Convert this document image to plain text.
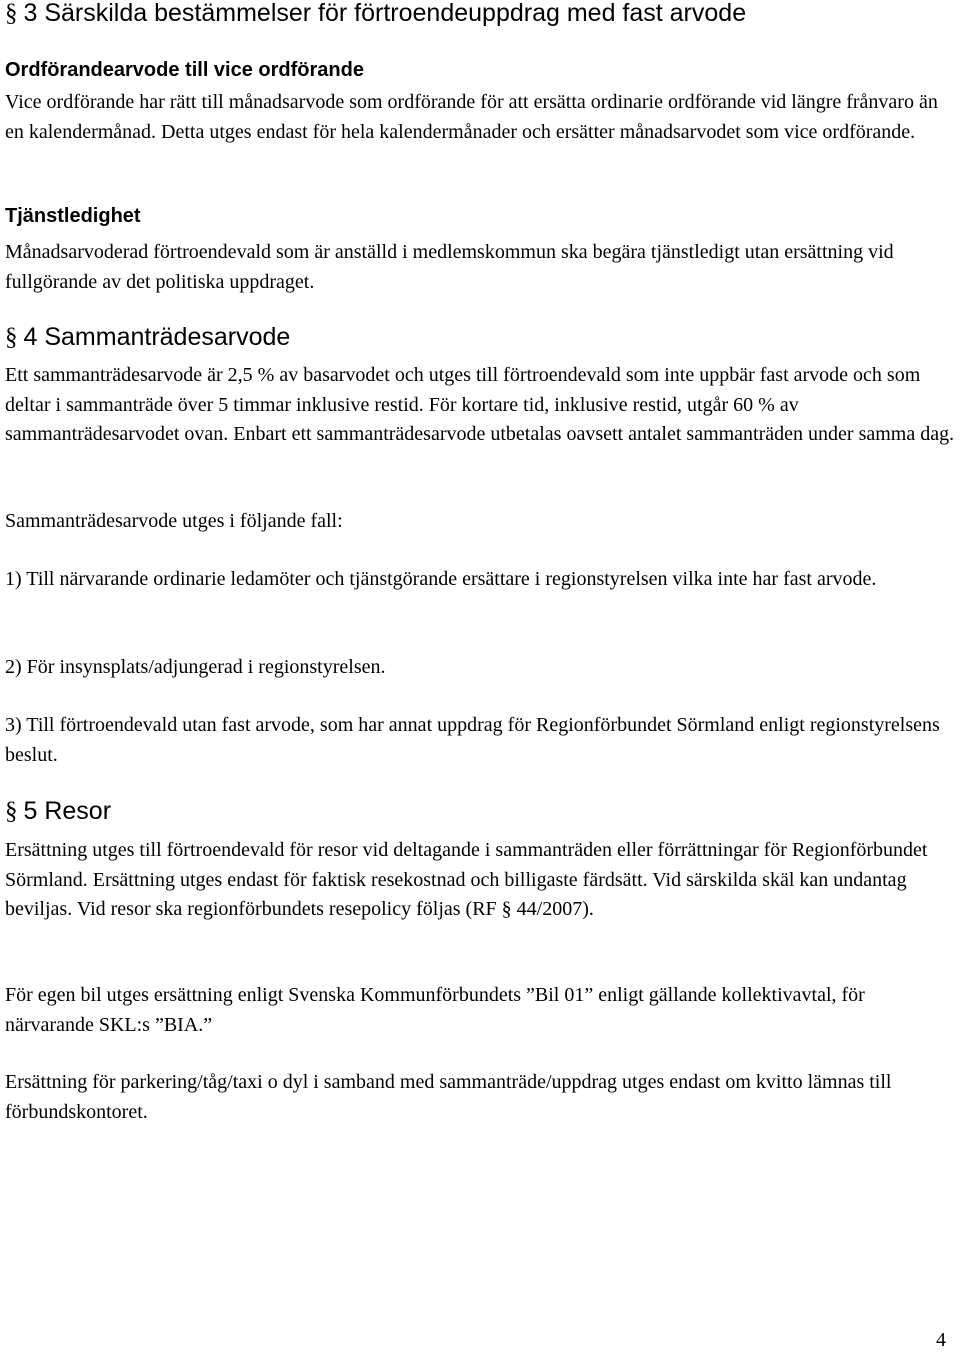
§ 3 Särskilda bestämmelser för förtroendeuppdrag med fast arvode
Ordförandearvode till vice ordförande

Vice ordförande har rätt till månadsarvode som ordförande för att ersätta ordinarie ordförande vid längre frånvaro än en kalendermånad. Detta utges endast för hela kalendermånader och ersätter månadsarvodet som vice ordförande.

Tjänstledighet

Månadsarvoderad förtroendevald som är anställd i medlemskommun ska begära tjänstledigt utan ersättning vid fullgörande av det politiska uppdraget.

§ 4 Sammanträdesarvode

Ett sammanträdesarvode är 2,5 % av basarvodet och utges till förtroendevald som inte uppbär fast arvode och som deltar i sammanträde över 5 timmar inklusive restid. För kortare tid, inklusive restid, utgår 60 % av sammanträdesarvodet ovan. Enbart ett sammanträdesarvode utbetalas oavsett antalet sammanträden under samma dag.

Sammanträdesarvode utges i följande fall:

1) Till närvarande ordinarie ledamöter och tjänstgörande ersättare i regionstyrelsen vilka inte har fast arvode.

2) För insynsplats/adjungerad i regionstyrelsen.

3) Till förtroendevald utan fast arvode, som har annat uppdrag för Regionförbundet Sörmland enligt regionstyrelsens beslut.

§ 5 Resor

Ersättning utges till förtroendevald för resor vid deltagande i sammanträden eller förrättningar för Regionförbundet Sörmland. Ersättning utges endast för faktisk resekostnad och billigaste färdsätt. Vid särskilda skäl kan undantag beviljas. Vid resor ska regionförbundets resepolicy följas (RF § 44/2007).

För egen bil utges ersättning enligt Svenska Kommunförbundets ”Bil 01” enligt gällande kollektivavtal, för närvarande SKL:s ”BIA.”

Ersättning för parkering/tåg/taxi o dyl i samband med sammanträde/uppdrag utges endast om kvitto lämnas till förbundskontoret.

4
